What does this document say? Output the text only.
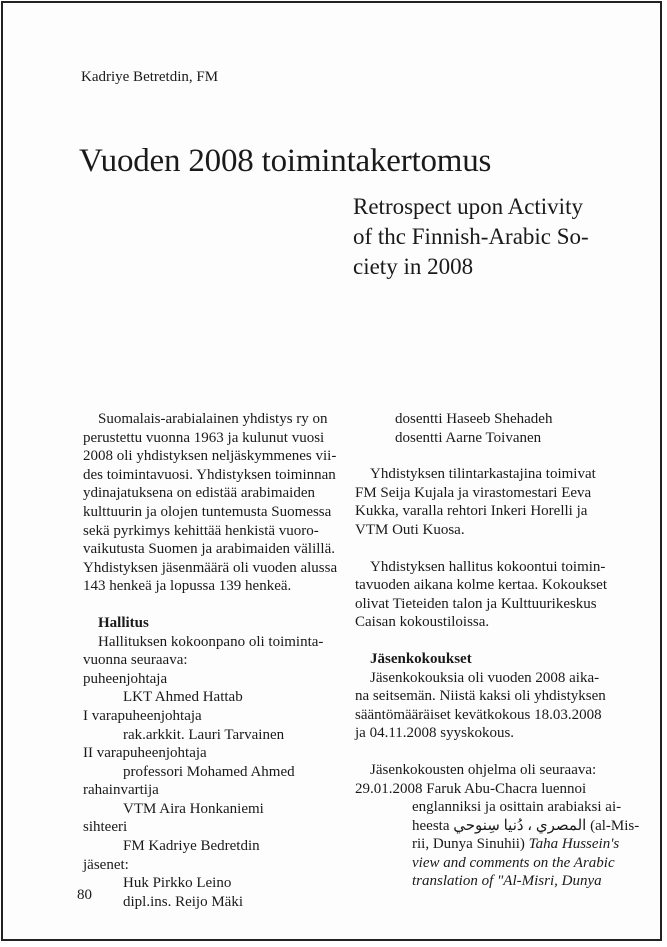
Kadriye Betretdin, FM
Vuoden 2008 toimintakertomus
Retrospect upon Activity
of thc Finnish-Arabic So-
ciety in 2008
Suomalais-arabialainen yhdistys ry on
perustettu vuonna 1963 ja kulunut vuosi
2008 oli yhdistyksen neljäskymmenes vii-
des toimintavuosi. Yhdistyksen toiminnan
ydinajatuksena on edistää arabimaiden
kulttuurin ja olojen tuntemusta Suomessa
sekä pyrkimys kehittää henkistä vuoro-
vaikutusta Suomen ja arabimaiden välillä.
Yhdistyksen jäsenmäärä oli vuoden alussa
143 henkeä ja lopussa 139 henkeä.
Hallitus
Hallituksen kokoonpano oli toiminta-
vuonna seuraava:
puheenjohtaja
LKT Ahmed Hattab
I varapuheenjohtaja
rak.arkkit. Lauri Tarvainen
II varapuheenjohtaja
professori Mohamed Ahmed
rahainvartija
VTM Aira Honkaniemi
sihteeri
FM Kadriye Bedretdin
jäsenet:
Huk Pirkko Leino
dipl.ins. Reijo Mäki
dosentti Haseeb Shehadeh
dosentti Aarne Toivanen
Yhdistyksen tilintarkastajina toimivat
FM Seija Kujala ja virastomestari Eeva
Kukka, varalla rehtori Inkeri Horelli ja
VTM Outi Kuosa.
Yhdistyksen hallitus kokoontui toimin-
tavuoden aikana kolme kertaa. Kokoukset
olivat Tieteiden talon ja Kulttuurikeskus
Caisan kokoustiloissa.
Jäsenkokoukset
Jäsenkokouksia oli vuoden 2008 aika-
na seitsemän. Niistä kaksi oli yhdistyksen
sääntömääräiset kevätkokous 18.03.2008
ja 04.11.2008 syyskokous.
Jäsenkokousten ohjelma oli seuraava:
29.01.2008 Faruk Abu-Chacra luennoi
englanniksi ja osittain arabiaksi ai-
heesta المصري ، دُنيا سِنوحي (al-Mis-
rii, Dunya Sinuhii) Taha Hussein's
view and comments on the Arabic
translation of "Al-Misri, Dunya
80
